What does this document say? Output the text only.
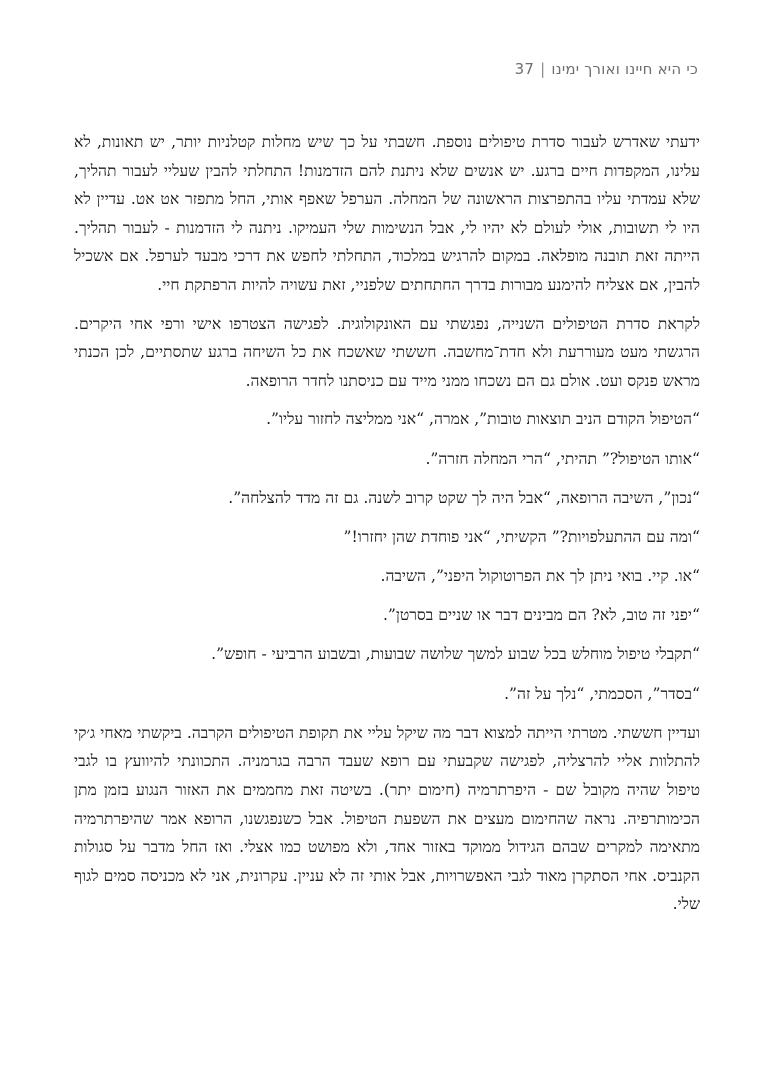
כי היא חיינו ואורך ימינו|37

ידעתי שאדרש לעבור סדרת טיפולים נוספת. חשבתי על כך שיש מחלות קטלניות יותר, יש תאונות, לא עלינו, המקפדות חיים ברגע. יש אנשים שלא ניתנת להם הזדמנות! התחלתי להבין שעליי לעבור תהליך, שלא עמדתי עליו בהתפרצות הראשונה של המחלה. הערפל שאפף אותי, החל מתפזר אט אט. עדיין לא היו לי תשובות, אולי לעולם לא יהיו לי, אבל הנשימות שלי העמיקו. ניתנה לי הזדמנות - לעבור תהליך. הייתה זאת תובנה מופלאה. במקום להרגיש במלכוד, התחלתי לחפש את דרכי מבעד לערפל. אם אשכיל להבין, אם אצליח להימנע מבורות בדרך החתחתים שלפניי, זאת עשויה להיות הרפתקת חיי.

לקראת סדרת הטיפולים השנייה, נפגשתי עם האונקולוגית. לפגישה הצטרפו אישי ורפי אחי היקרים. הרגשתי מעט מעוררעת ולא חדת־מחשבה. חששתי שאשכח את כל השיחה ברגע שתסתיים, לכן הכנתי מראש פנקס ועט. אולם גם הם נשכחו ממני מייד עם כניסתנו לחדר הרופאה.

“הטיפול הקודם הניב תוצאות טובות”, אמרה, “אני ממליצה לחזור עליו”.

“אותו הטיפול?” תהיתי, “הרי המחלה חזרה”.

“נכון”, השיבה הרופאה, “אבל היה לך שקט קרוב לשנה. גם זה מדד להצלחה”.

“ומה עם ההתעלפויות?” הקשיתי, “אני פוחדת שהן יחזרו!”

“או. קיי. בואי ניתן לך את הפרוטוקול היפני”, השיבה.

“יפני זה טוב, לא? הם מבינים דבר או שניים בסרטן”.

“תקבלי טיפול מוחלש בכל שבוע למשך שלושה שבועות, ובשבוע הרביעי - חופש”.

“בסדר”, הסכמתי, “נלך על זה”.

ועדיין חששתי. מטרתי הייתה למצוא דבר מה שיקל עליי את תקופת הטיפולים הקרבה. ביקשתי מאחי ג׳קי להתלוות אליי להרצליה, לפגישה שקבעתי עם רופא שעבד הרבה בגרמניה. התכוונתי להיוועץ בו לגבי טיפול שהיה מקובל שם - היפרתרמיה (חימום יתר). בשיטה זאת מחממים את האזור הנגוע בזמן מתן הכימותרפיה. נראה שהחימום מעצים את השפעת הטיפול. אבל כשנפגשנו, הרופא אמר שהיפרתרמיה מתאימה למקרים שבהם הגידול ממוקד באזור אחד, ולא מפושט כמו אצלי. ואז החל מדבר על סגולות הקנביס. אחי הסתקרן מאוד לגבי האפשרויות, אבל אותי זה לא עניין. עקרונית, אני לא מכניסה סמים לגוף שלי.
